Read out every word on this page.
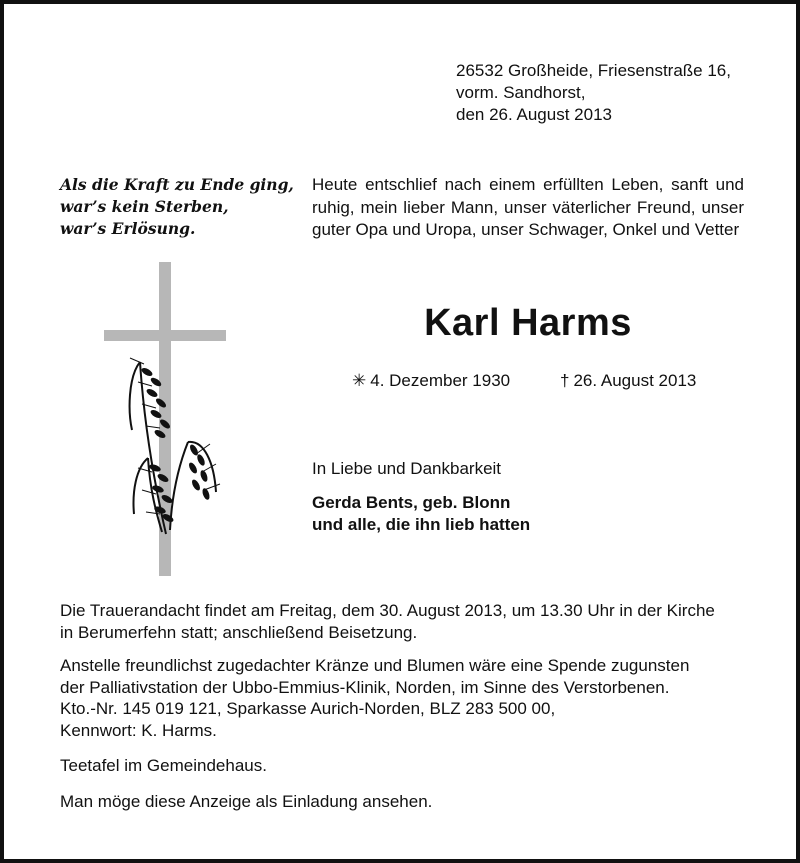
26532 Großheide, Friesenstraße 16,
vorm. Sandhorst,
den 26. August 2013
Als die Kraft zu Ende ging,
war’s kein Sterben,
war’s Erlösung.
Heute entschlief nach einem erfüllten Leben, sanft und ruhig, mein lieber Mann, unser väterlicher Freund, unser guter Opa und Uropa, unser Schwager, Onkel und Vetter
Karl Harms
✳ 4. Dezember 1930	† 26. August 2013
In Liebe und Dankbarkeit
Gerda Bents, geb. Blonn
und alle, die ihn lieb hatten
Die Trauerandacht findet am Freitag, dem 30. August 2013, um 13.30 Uhr in der Kirche
in Berumerfehn statt; anschließend Beisetzung.
Anstelle freundlichst zugedachter Kränze und Blumen wäre eine Spende zugunsten
der Palliativstation der Ubbo-Emmius-Klinik, Norden, im Sinne des Verstorbenen.
Kto.-Nr. 145 019 121, Sparkasse Aurich-Norden, BLZ 283 500 00,
Kennwort: K. Harms.
Teetafel im Gemeindehaus.
Man möge diese Anzeige als Einladung ansehen.
